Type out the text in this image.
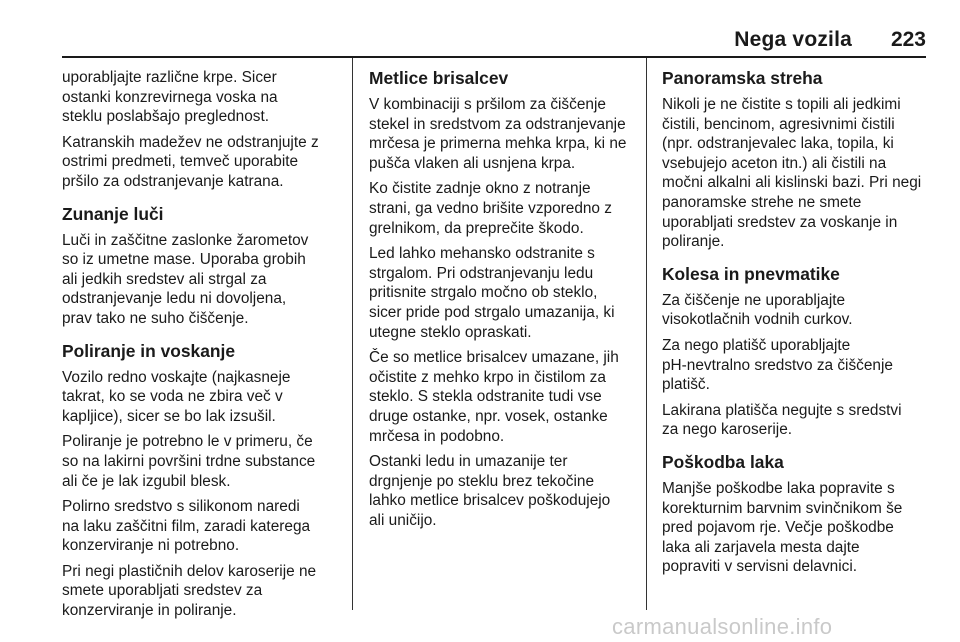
Nega vozila 223

uporabljajte različne krpe. Sicer
ostanki konzrevirnega voska na
steklu poslabšajo preglednost.

Katranskih madežev ne odstranjujte z
ostrimi predmeti, temveč uporabite
pršilo za odstranjevanje katrana.

Zunanje luči

Luči in zaščitne zaslonke žarometov
so iz umetne mase. Uporaba grobih
ali jedkih sredstev ali strgal za
odstranjevanje ledu ni dovoljena,
prav tako ne suho čiščenje.

Poliranje in voskanje

Vozilo redno voskajte (najkasneje
takrat, ko se voda ne zbira več v
kapljice), sicer se bo lak izsušil.

Poliranje je potrebno le v primeru, če
so na lakirni površini trdne substance
ali če je lak izgubil blesk.

Polirno sredstvo s silikonom naredi
na laku zaščitni film, zaradi katerega
konzerviranje ni potrebno.

Pri negi plastičnih delov karoserije ne
smete uporabljati sredstev za
konzerviranje in poliranje.

Metlice brisalcev

V kombinaciji s pršilom za čiščenje
stekel in sredstvom za odstranjevanje
mrčesa je primerna mehka krpa, ki ne
pušča vlaken ali usnjena krpa.

Ko čistite zadnje okno z notranje
strani, ga vedno brišite vzporedno z
grelnikom, da preprečite škodo.

Led lahko mehansko odstranite s
strgalom. Pri odstranjevanju ledu
pritisnite strgalo močno ob steklo,
sicer pride pod strgalo umazanija, ki
utegne steklo opraskati.

Če so metlice brisalcev umazane, jih
očistite z mehko krpo in čistilom za
steklo. S stekla odstranite tudi vse
druge ostanke, npr. vosek, ostanke
mrčesa in podobno.

Ostanki ledu in umazanije ter
drgnjenje po steklu brez tekočine
lahko metlice brisalcev poškodujejo
ali uničijo.

Panoramska streha

Nikoli je ne čistite s topili ali jedkimi
čistili, bencinom, agresivnimi čistili
(npr. odstranjevalec laka, topila, ki
vsebujejo aceton itn.) ali čistili na
močni alkalni ali kislinski bazi. Pri negi
panoramske strehe ne smete
uporabljati sredstev za voskanje in
poliranje.

Kolesa in pnevmatike

Za čiščenje ne uporabljajte
visokotlačnih vodnih curkov.

Za nego platišč uporabljajte
pH-nevtralno sredstvo za čiščenje
platišč.

Lakirana platišča negujte s sredstvi
za nego karoserije.

Poškodba laka

Manjše poškodbe laka popravite s
korekturnim barvnim svinčnikom še
pred pojavom rje. Večje poškodbe
laka ali zarjavela mesta dajte
popraviti v servisni delavnici.

carmanualsonline.info
